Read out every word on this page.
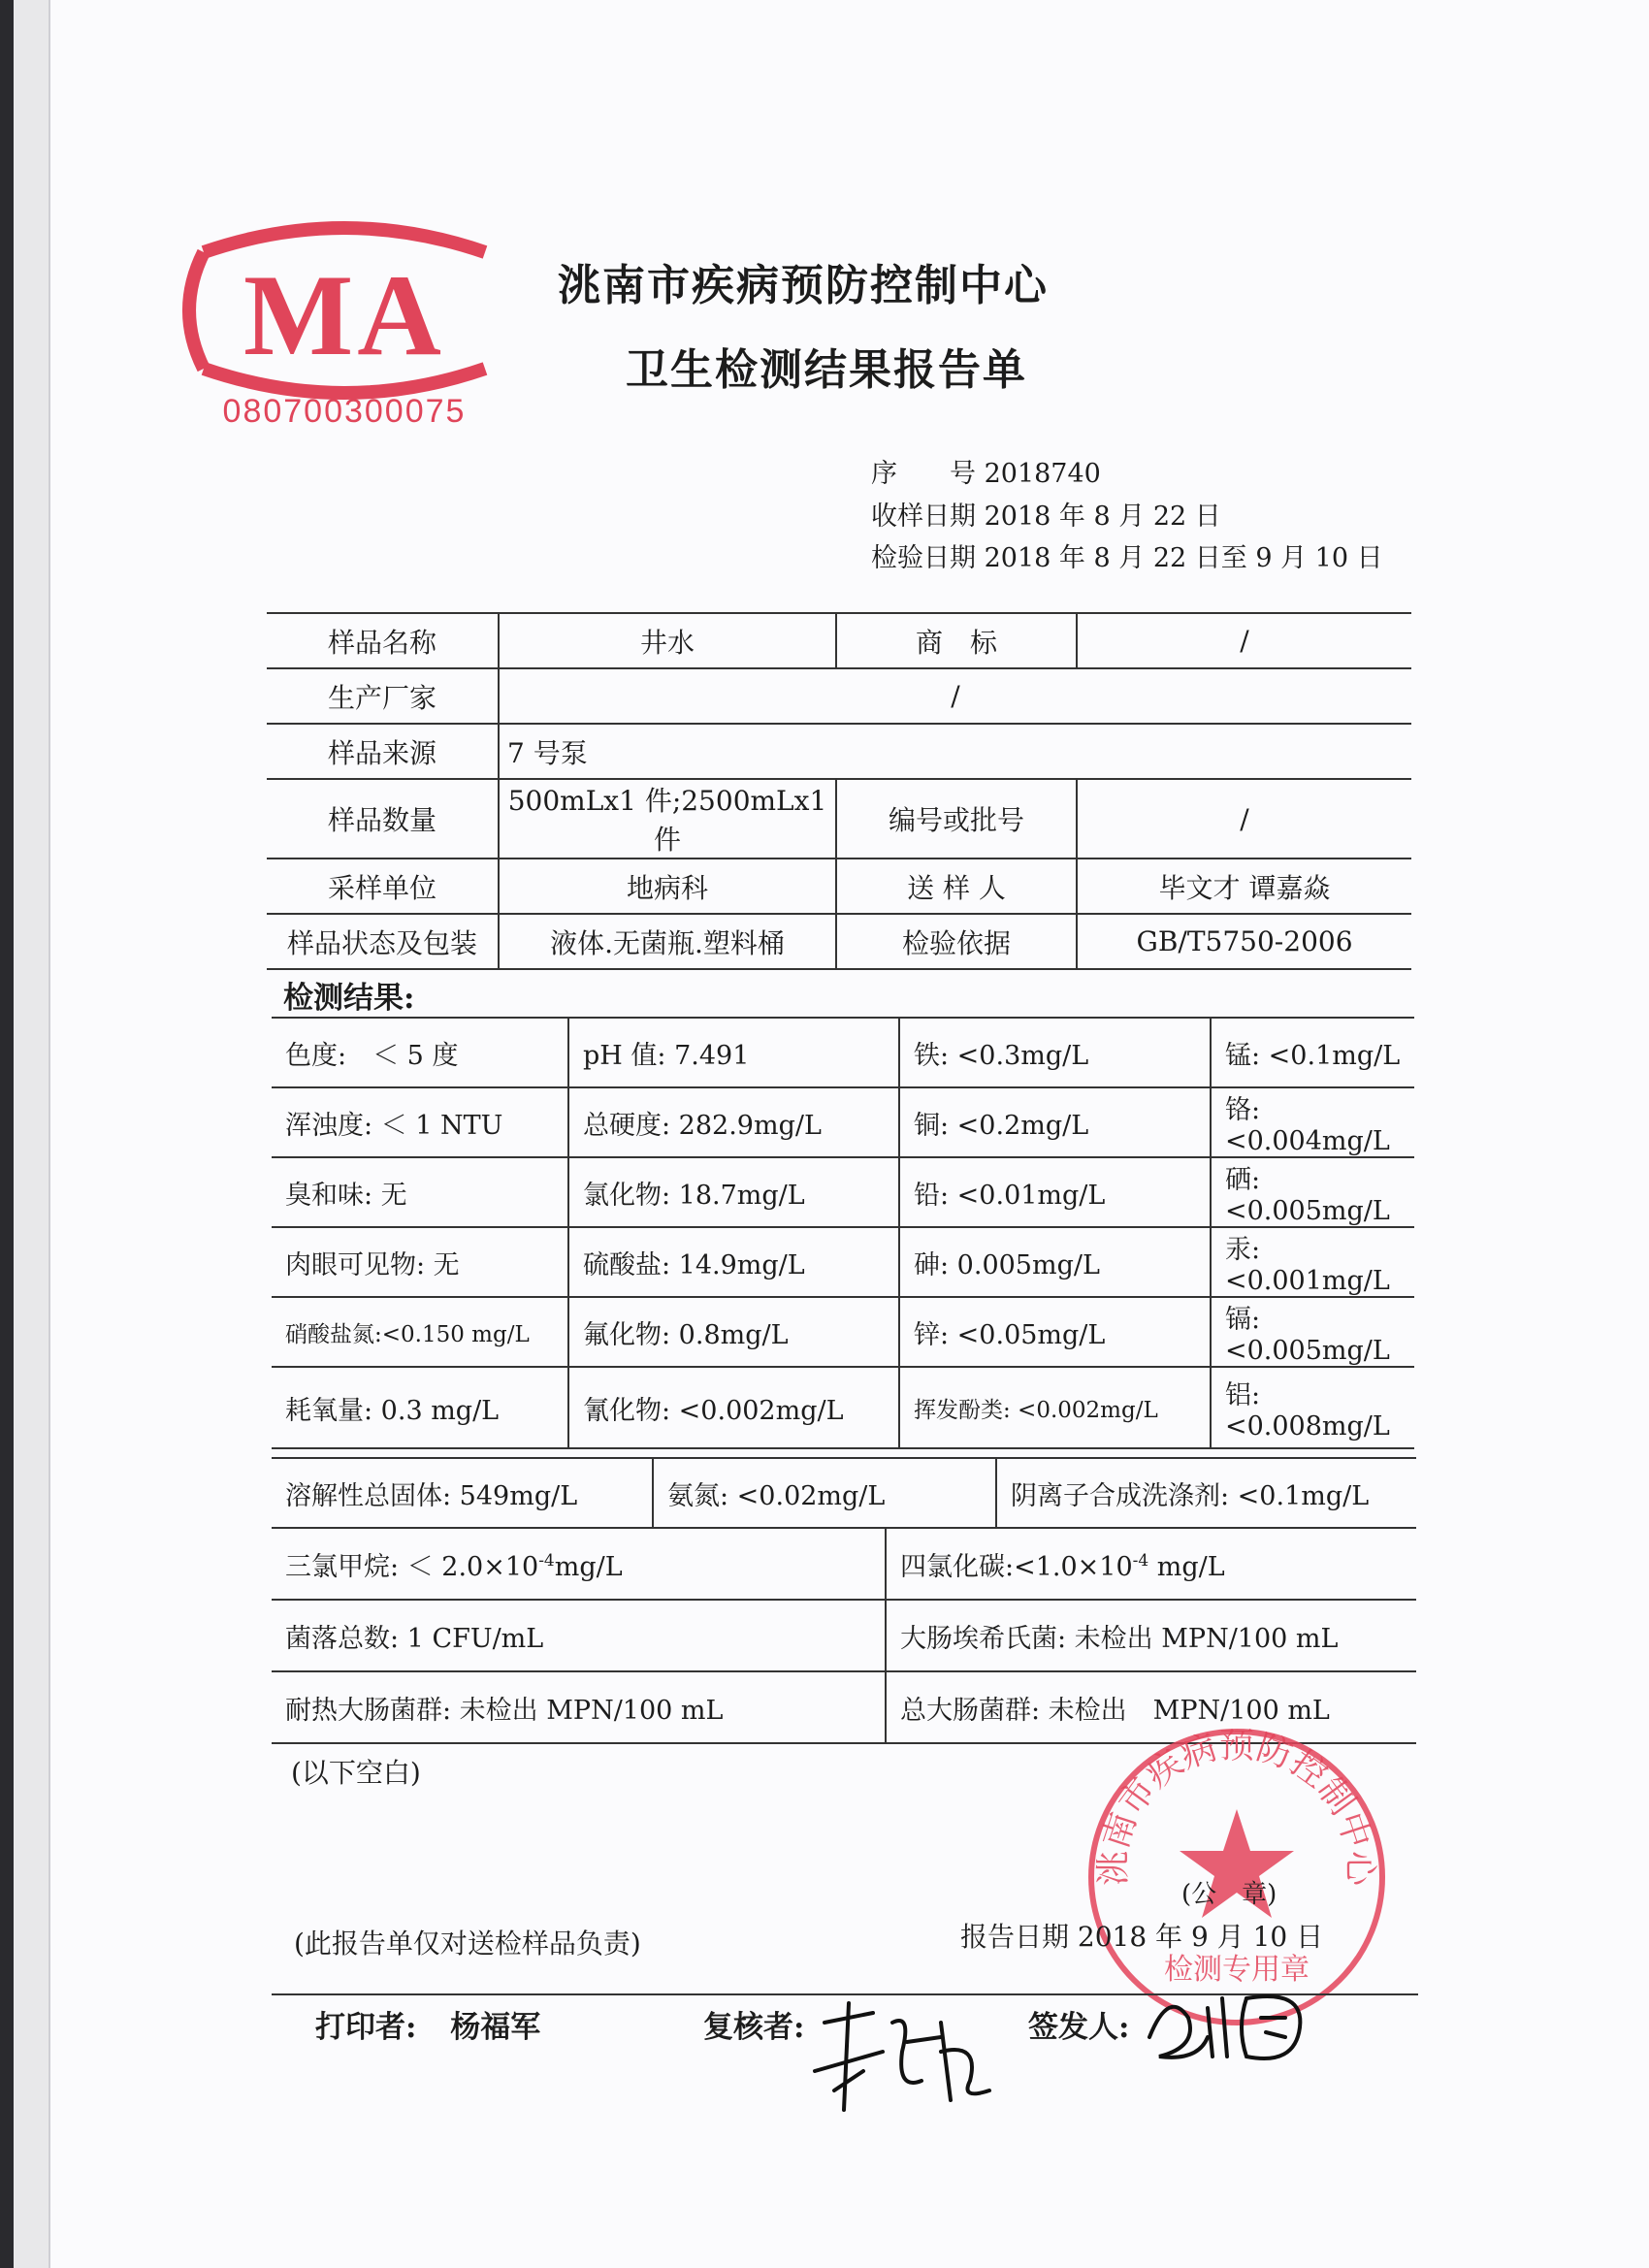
MA
080700300075
洮南市疾病预防控制中心
卫生检测结果报告单
序　　号 2018740
收样日期 2018 年 8 月 22 日
检验日期 2018 年 8 月 22 日至 9 月 10 日
样品名称	井水	商　标	/
生产厂家	/		
样品来源	7 号泵		
样品数量	500mLx1 件;2500mLx1 件	编号或批号	/
采样单位	地病科	送 样 人	毕文才 谭嘉焱
样品状态及包装	液体.无菌瓶.塑料桶	检验依据	GB/T5750-2006
检测结果:
色度:　＜ 5 度	pH 值: 7.491	铁: <0.3mg/L	锰: <0.1mg/L
浑浊度: ＜ 1 NTU	总硬度: 282.9mg/L	铜: <0.2mg/L	铬: <0.004mg/L
臭和味: 无	氯化物: 18.7mg/L	铅: <0.01mg/L	硒: <0.005mg/L
肉眼可见物: 无	硫酸盐: 14.9mg/L	砷: 0.005mg/L	汞: <0.001mg/L
硝酸盐氮:<0.150 mg/L	氟化物: 0.8mg/L	锌: <0.05mg/L	镉: <0.005mg/L
耗氧量: 0.3 mg/L	氰化物: <0.002mg/L	挥发酚类: <0.002mg/L	铝: <0.008mg/L
溶解性总固体: 549mg/L	氨氮: <0.02mg/L	阴离子合成洗涤剂: <0.1mg/L
三氯甲烷: ＜ $2.0\times 10^{-4}mg/L$	四氯化碳$:<1.0\times 10^{-4}$ mg/L
菌落总数: 1 CFU/mL	大肠埃希氏菌: 未检出 MPN/100 mL
耐热大肠菌群: 未检出 MPN/100 mL	总大肠菌群: 未检出　MPN/100 mL
(以下空白)
洮南市疾病预防控制中心
检测专用章
(公　章)
(此报告单仅对送检样品负责)	报告日期 2018 年 9 月 10 日
打印者: 杨福军	复核者:	签发人:
